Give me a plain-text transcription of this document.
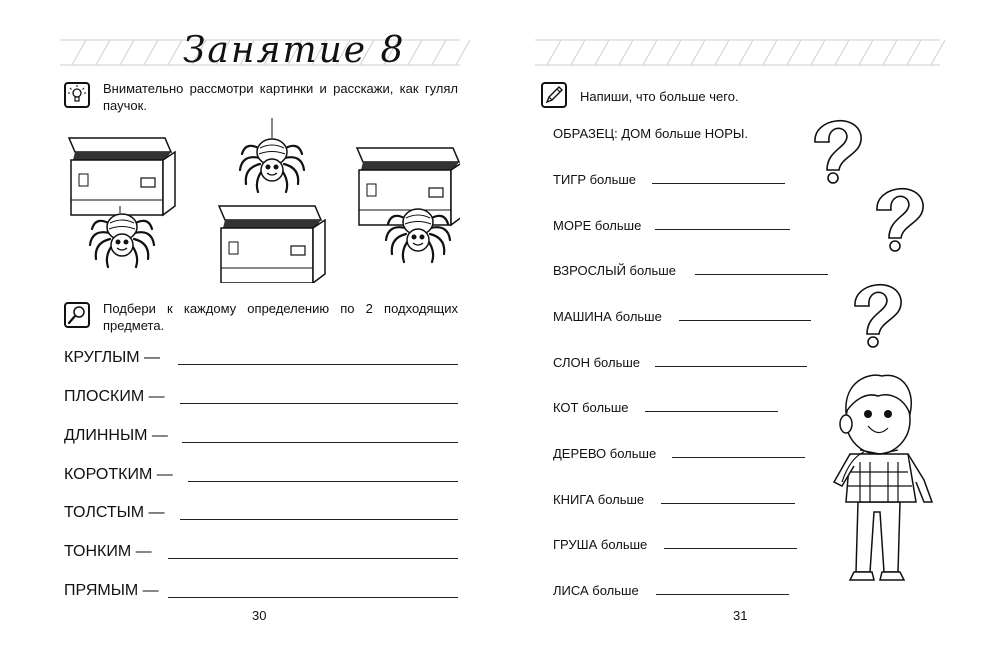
Занятие 8
Внимательно рассмотри картинки и расскажи, как гулял паучок.
Подбери к каждому определению по 2 подходящих предмета.
КРУГЛЫМ —
ПЛОСКИМ —
ДЛИННЫМ —
КОРОТКИМ —
ТОЛСТЫМ —
ТОНКИМ —
ПРЯМЫМ —
30
Напиши, что больше чего.
ОБРАЗЕЦ: ДОМ больше НОРЫ.
ТИГР больше
МОРЕ больше
ВЗРОСЛЫЙ больше
МАШИНА больше
СЛОН больше
КОТ больше
ДЕРЕВО больше
КНИГА больше
ГРУША больше
ЛИСА больше
31
